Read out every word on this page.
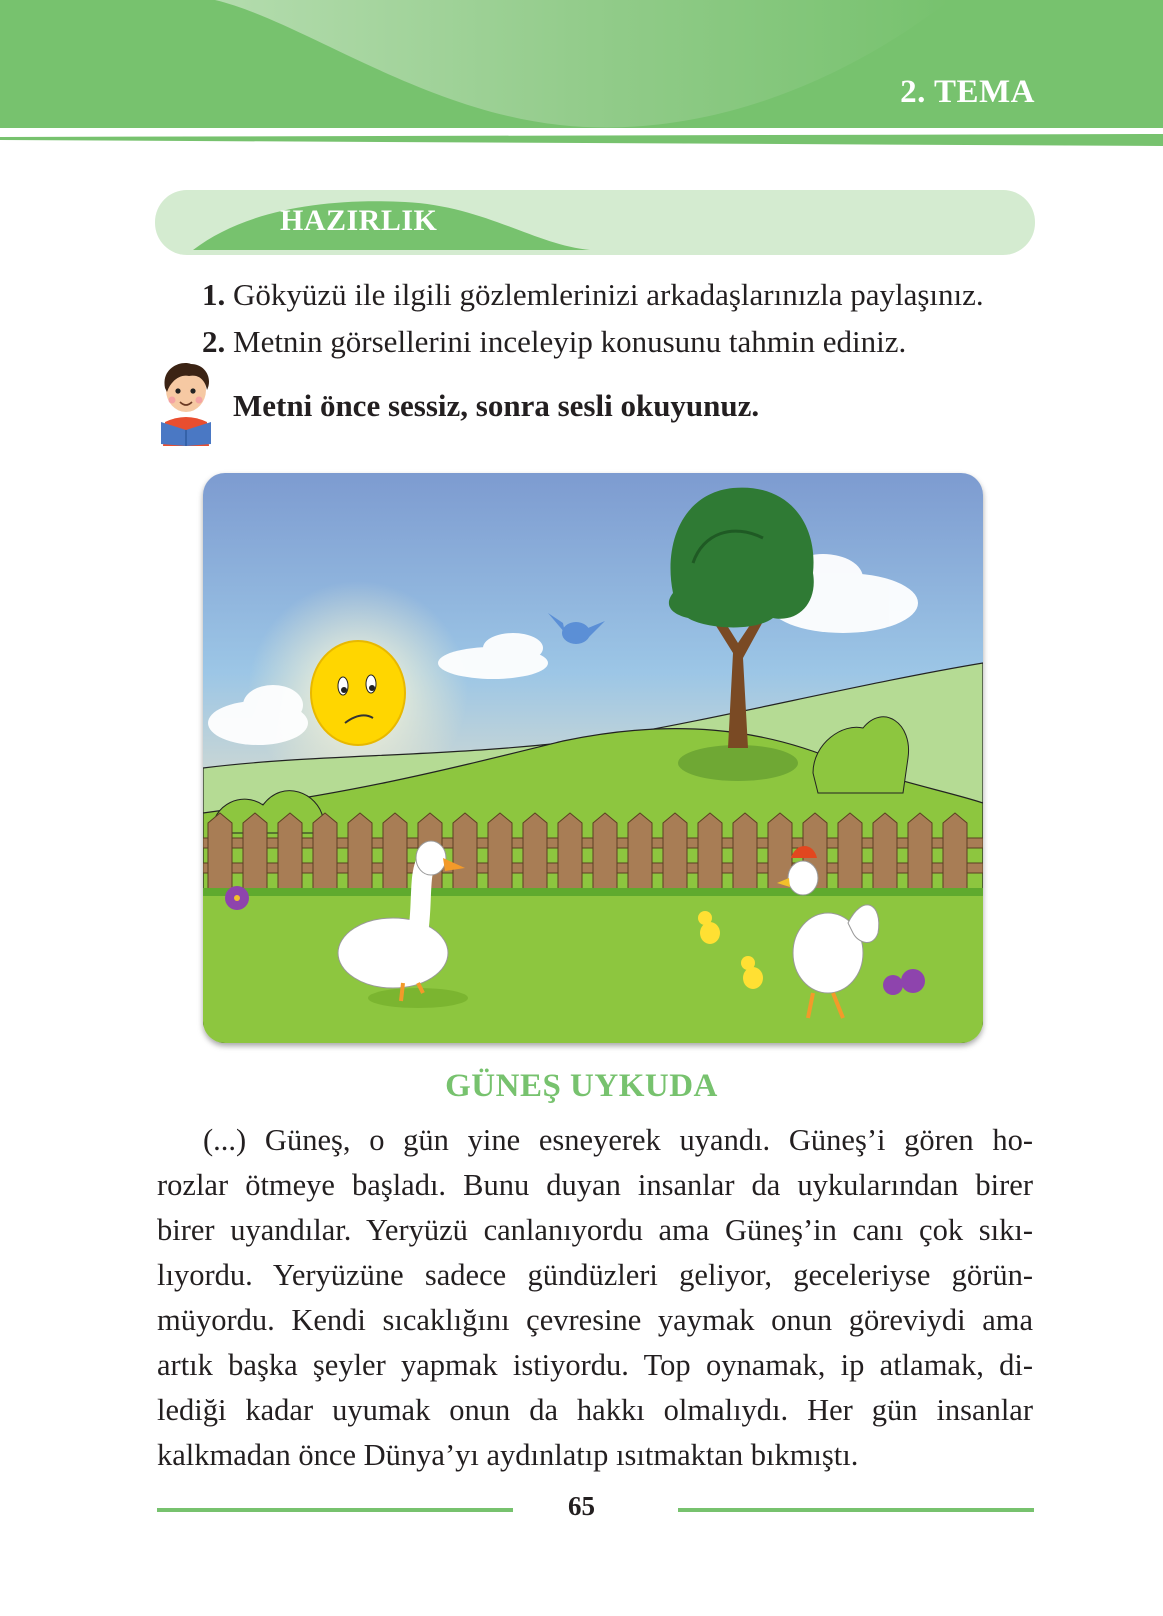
2. TEMA
HAZIRLIK
1. Gökyüzü ile ilgili gözlemlerinizi arkadaşlarınızla paylaşınız.
2. Metnin görsellerini inceleyip konusunu tahmin ediniz.
Metni önce sessiz, sonra sesli okuyunuz.
GÜNEŞ UYKUDA

(...) Güneş, o gün yine esneyerek uyandı. Güneş’i gören ho-

rozlar ötmeye başladı. Bunu duyan insanlar da uykularından birer

birer uyandılar. Yeryüzü canlanıyordu ama Güneş’in canı çok sıkı-

lıyordu. Yeryüzüne sadece gündüzleri geliyor, geceleriyse görün-

müyordu. Kendi sıcaklığını çevresine yaymak onun göreviydi ama

artık başka şeyler yapmak istiyordu. Top oynamak, ip atlamak, di-

lediği kadar uyumak onun da hakkı olmalıydı. Her gün insanlar

kalkmadan önce Dünya’yı aydınlatıp ısıtmaktan bıkmıştı.

65
